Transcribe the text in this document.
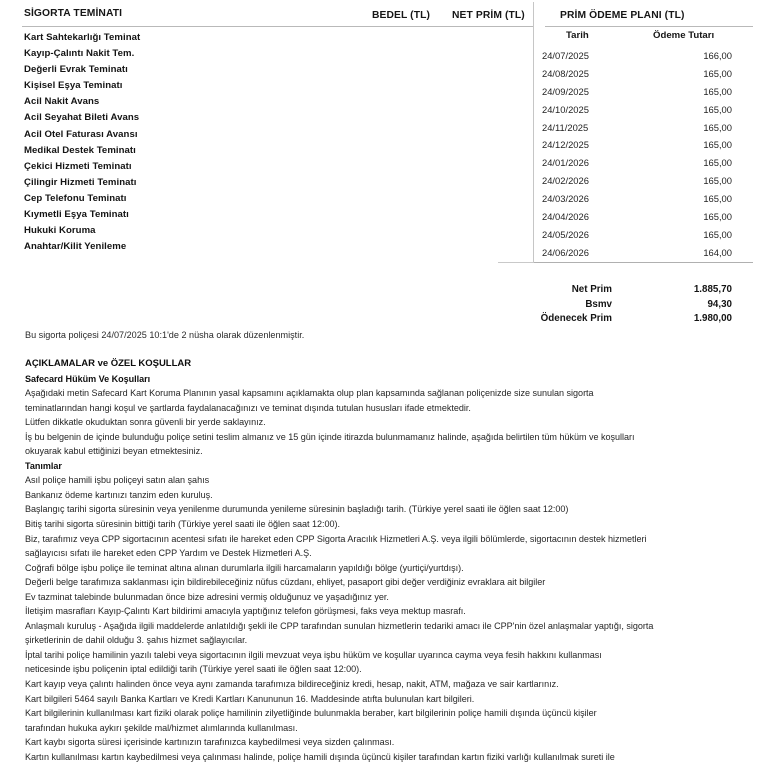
SİGORTA TEMİNATI	BEDEL (TL) NET PRİM (TL)	PRİM ÖDEME PLANI (TL)
Kart Sahtekarlığı Teminat
Kayıp-Çalıntı Nakit Tem.
Değerli Evrak Teminatı
Kişisel Eşya Teminatı
Acil Nakit Avans
Acil Seyahat Bileti Avans
Acil Otel Faturası Avansı
Medikal Destek Teminatı
Çekici Hizmeti Teminatı
Çilingir Hizmeti Teminatı
Cep Telefonu Teminatı
Kıymetli Eşya Teminatı
Hukuki Koruma
Anahtar/Kilit Yenileme
Tarih	Ödeme Tutarı
24/07/2025	166,00
24/08/2025	165,00
24/09/2025	165,00
24/10/2025	165,00
24/11/2025	165,00
24/12/2025	165,00
24/01/2026	165,00
24/02/2026	165,00
24/03/2026	165,00
24/04/2026	165,00
24/05/2026	165,00
24/06/2026	164,00
Net Prim	1.885,70
Bsmv	94,30
Ödenecek Prim	1.980,00
Bu sigorta poliçesi 24/07/2025 10:1'de 2 nüsha olarak düzenlenmiştir.
AÇIKLAMALAR ve ÖZEL KOŞULLAR
Safecard Hüküm Ve Koşulları
Aşağıdaki metin Safecard Kart Koruma Planının yasal kapsamını açıklamakta olup plan kapsamında sağlanan poliçenizde size sunulan sigorta
teminatlarından hangi koşul ve şartlarda faydalanacağınızı ve teminat dışında tutulan hususları ifade etmektedir.
Lütfen dikkatle okuduktan sonra güvenli bir yerde saklayınız.
İş bu belgenin de içinde bulunduğu poliçe setini teslim almanız ve 15 gün içinde itirazda bulunmamanız halinde, aşağıda belirtilen tüm hüküm ve koşulları
okuyarak kabul ettiğinizi beyan etmektesiniz.
Tanımlar
Asıl poliçe hamili işbu poliçeyi satın alan şahıs
Bankanız ödeme kartınızı tanzim eden kuruluş.
Başlangıç tarihi sigorta süresinin veya yenilenme durumunda yenileme süresinin başladığı tarih. (Türkiye yerel saati ile öğlen saat 12:00)
Bitiş tarihi sigorta süresinin bittiği tarih (Türkiye yerel saati ile öğlen saat 12:00).
Biz, tarafımız veya CPP sigortacının acentesi sıfatı ile hareket eden CPP Sigorta Aracılık Hizmetleri A.Ş. veya ilgili bölümlerde, sigortacının destek hizmetleri
sağlayıcısı sıfatı ile hareket eden CPP Yardım ve Destek Hizmetleri A.Ş.
Coğrafi bölge işbu poliçe ile teminat altına alınan durumlarla ilgili harcamaların yapıldığı bölge (yurtiçi/yurtdışı).
Değerli belge tarafımıza saklanması için bildirebileceğiniz nüfus cüzdanı, ehliyet, pasaport gibi değer verdiğiniz evraklara ait bilgiler
Ev tazminat talebinde bulunmadan önce bize adresini vermiş olduğunuz ve yaşadığınız yer.
İletişim masrafları Kayıp-Çalıntı Kart bildirimi amacıyla yaptığınız telefon görüşmesi, faks veya mektup masrafı.
Anlaşmalı kuruluş - Aşağıda ilgili maddelerde anlatıldığı şekli ile CPP tarafından sunulan hizmetlerin tedariki amacı ile CPP'nin özel anlaşmalar yaptığı, sigorta
şirketlerinin de dahil olduğu 3. şahıs hizmet sağlayıcılar.
İptal tarihi poliçe hamilinin yazılı talebi veya sigortacının ilgili mevzuat veya işbu hüküm ve koşullar uyarınca cayma veya fesih hakkını kullanması
neticesinde işbu poliçenin iptal edildiği tarih (Türkiye yerel saati ile öğlen saat 12:00).
Kart kayıp veya çalıntı halinden önce veya aynı zamanda tarafımıza bildireceğiniz kredi, hesap, nakit, ATM, mağaza ve sair kartlarınız.
Kart bilgileri 5464 sayılı Banka Kartları ve Kredi Kartları Kanununun 16. Maddesinde atıfta bulunulan kart bilgileri.
Kart bilgilerinin kullanılması kart fiziki olarak poliçe hamilinin zilyetliğinde bulunmakla beraber, kart bilgilerinin poliçe hamili dışında üçüncü kişiler
tarafından hukuka aykırı şekilde mal/hizmet alımlarında kullanılması.
Kart kaybı sigorta süresi içerisinde kartınızın tarafınızca kaybedilmesi veya sizden çalınması.
Kartın kullanılması kartın kaybedilmesi veya çalınması halinde, poliçe hamili dışında üçüncü kişiler tarafından kartın fiziki varlığı kullanılmak sureti ile
